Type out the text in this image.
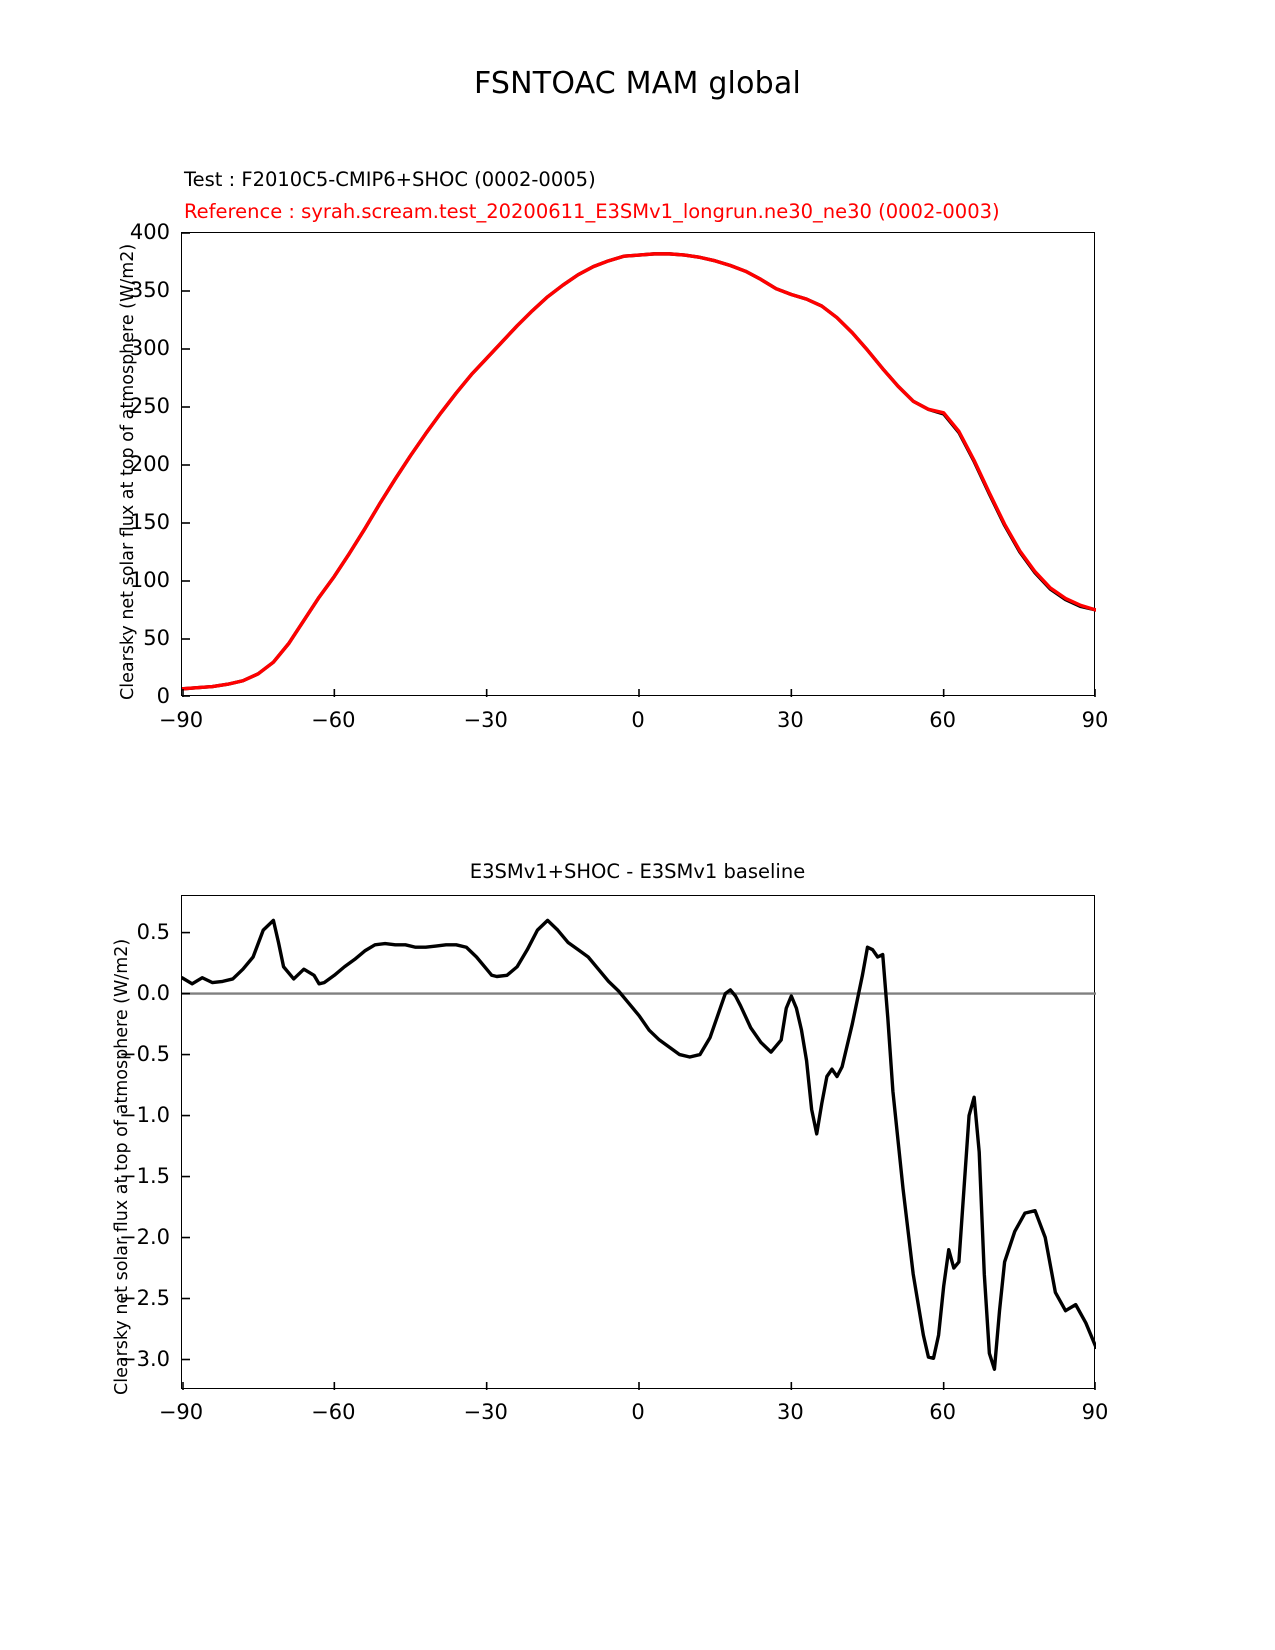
FSNTOAC MAM global
Test : F2010C5-CMIP6+SHOC (0002-0005)
Reference : syrah.scream.test_20200611_E3SMv1_longrun.ne30_ne30 (0002-0003)
Clearsky net solar flux at top of atmosphere (W/m2) 0
50
100
150
200
250
300
350
400
−90	−60	−30	0	30	60	90
E3SMv1+SHOC - E3SMv1 baseline
Clearsky net solar flux at top of atmosphere (W/m2)
−3.0
−2.5
−2.0
−1.5
−1.0
−0.5
0.0
0.5
−90	−60	−30	0	30	60	90
